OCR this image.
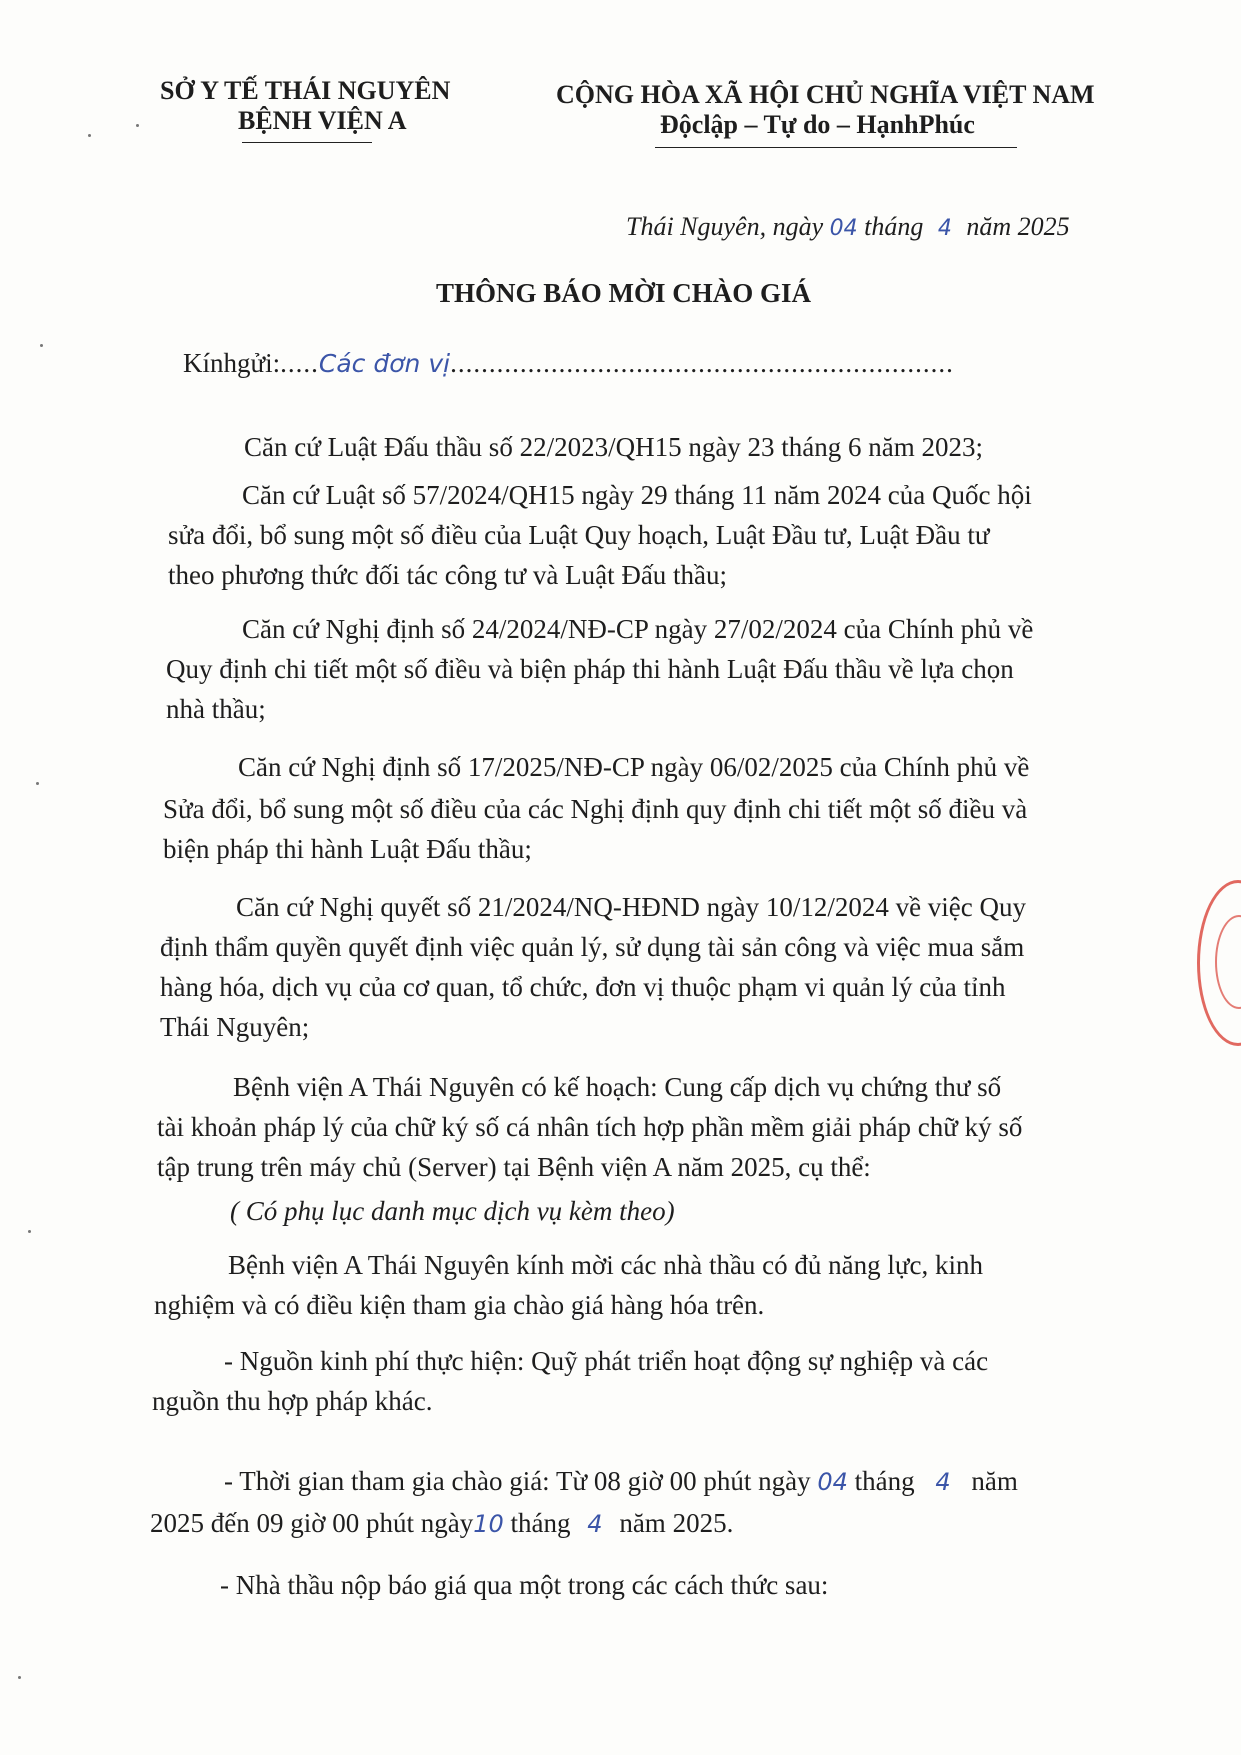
SỞ Y TẾ THÁI NGUYÊN
BỆNH VIỆN A
CỘNG HÒA XÃ HỘI CHỦ NGHĨA VIỆT NAM
Độclập – Tự do – HạnhPhúc
Thái Nguyên, ngày 04 tháng 4 năm 2025
THÔNG BÁO MỜI CHÀO GIÁ
Kínhgửi:.....Các đơn vị.................................................................
Căn cứ Luật Đấu thầu số 22/2023/QH15 ngày 23 tháng 6 năm 2023;
Căn cứ Luật số 57/2024/QH15 ngày 29 tháng 11 năm 2024 của Quốc hội
sửa đổi, bổ sung một số điều của Luật Quy hoạch, Luật Đầu tư, Luật Đầu tư
theo phương thức đối tác công tư và Luật Đấu thầu;
Căn cứ Nghị định số 24/2024/NĐ-CP ngày 27/02/2024 của Chính phủ về
Quy định chi tiết một số điều và biện pháp thi hành Luật Đấu thầu về lựa chọn
nhà thầu;
Căn cứ Nghị định số 17/2025/NĐ-CP ngày 06/02/2025 của Chính phủ về
Sửa đổi, bổ sung một số điều của các Nghị định quy định chi tiết một số điều và
biện pháp thi hành Luật Đấu thầu;
Căn cứ Nghị quyết số 21/2024/NQ-HĐND ngày 10/12/2024 về việc Quy
định thẩm quyền quyết định việc quản lý, sử dụng tài sản công và việc mua sắm
hàng hóa, dịch vụ của cơ quan, tổ chức, đơn vị thuộc phạm vi quản lý của tỉnh
Thái Nguyên;
Bệnh viện A Thái Nguyên có kế hoạch: Cung cấp dịch vụ chứng thư số
tài khoản pháp lý của chữ ký số cá nhân tích hợp phần mềm giải pháp chữ ký số
tập trung trên máy chủ (Server) tại Bệnh viện A năm 2025, cụ thể:
( Có phụ lục danh mục dịch vụ kèm theo)
Bệnh viện A Thái Nguyên kính mời các nhà thầu có đủ năng lực, kinh
nghiệm và có điều kiện tham gia chào giá hàng hóa trên.
- Nguồn kinh phí thực hiện: Quỹ phát triển hoạt động sự nghiệp và các
nguồn thu hợp pháp khác.
- Thời gian tham gia chào giá: Từ 08 giờ 00 phút ngày 04 tháng 4 năm
2025 đến 09 giờ 00 phút ngày10 tháng 4 năm 2025.
- Nhà thầu nộp báo giá qua một trong các cách thức sau:
